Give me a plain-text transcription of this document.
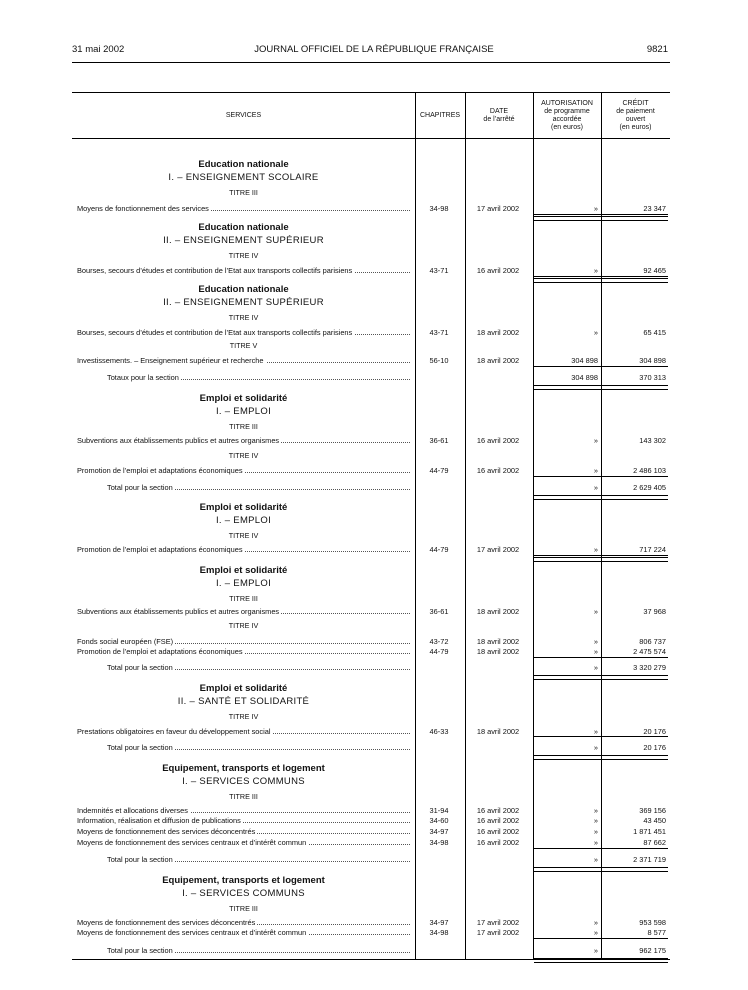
31 mai 2002	JOURNAL OFFICIEL DE LA RÉPUBLIQUE FRANÇAISE	9821
SERVICES	CHAPITRES
DATE
de l’arrêté
AUTORISATION
de programme
accordée
(en euros)
CRÉDIT
de paiement
ouvert
(en euros)
Education nationale
I. – ENSEIGNEMENT SCOLAIRE
TITRE III
Moyens de fonctionnement des services	34-98	17 avril 2002	»	23 347
Education nationale
II. – ENSEIGNEMENT SUPÉRIEUR
TITRE IV
Bourses, secours d’études et contribution de l’Etat aux transports collectifs parisiens	43-71	16 avril 2002	»	92 465
Education nationale
II. – ENSEIGNEMENT SUPÉRIEUR
TITRE IV
Bourses, secours d’études et contribution de l’Etat aux transports collectifs parisiens	43-71	18 avril 2002	»	65 415
TITRE V
Investissements. – Enseignement supérieur et recherche	56-10	18 avril 2002	304 898	304 898
Totaux pour la section	304 898	370 313
Emploi et solidarité
I. – EMPLOI
TITRE III
Subventions aux établissements publics et autres organismes	36-61	16 avril 2002	»	143 302
TITRE IV
Promotion de l’emploi et adaptations économiques	44-79	16 avril 2002	»	2 486 103
Total pour la section	»	2 629 405
Emploi et solidarité
I. – EMPLOI
TITRE IV
Promotion de l’emploi et adaptations économiques	44-79	17 avril 2002	»	717 224
Emploi et solidarité
I. – EMPLOI
TITRE III
Subventions aux établissements publics et autres organismes	36-61	18 avril 2002	»	37 968
TITRE IV
Fonds social européen (FSE)	43-72	18 avril 2002	»	806 737
Promotion de l’emploi et adaptations économiques	44-79	18 avril 2002	»	2 475 574
Total pour la section	»	3 320 279
Emploi et solidarité
II. – SANTÉ ET SOLIDARITÉ
TITRE IV
Prestations obligatoires en faveur du développement social	46-33	18 avril 2002	»	20 176
Total pour la section	»	20 176
Equipement, transports et logement
I. – SERVICES COMMUNS
TITRE III
Indemnités et allocations diverses	31-94	16 avril 2002	»	369 156
Information, réalisation et diffusion de publications	34-60	16 avril 2002	»	43 450
Moyens de fonctionnement des services déconcentrés	34-97	16 avril 2002	»	1 871 451
Moyens de fonctionnement des services centraux et d’intérêt commun	34-98	16 avril 2002	»	87 662
Total pour la section	»	2 371 719
Equipement, transports et logement
I. – SERVICES COMMUNS
TITRE III
Moyens de fonctionnement des services déconcentrés	34-97	17 avril 2002	»	953 598
Moyens de fonctionnement des services centraux et d’intérêt commun	34-98	17 avril 2002	»	8 577
Total pour la section	»	962 175
